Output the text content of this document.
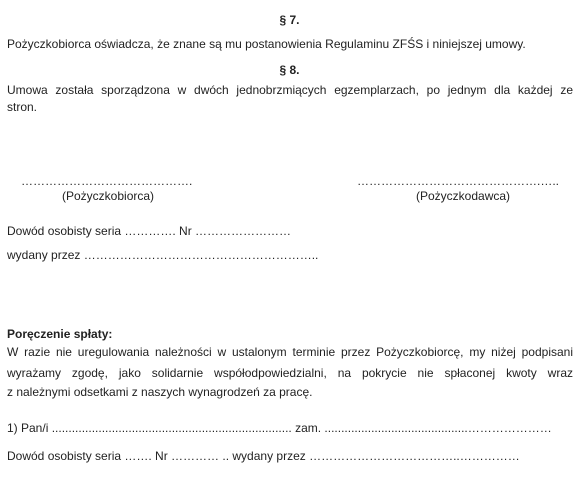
§ 7.
Pożyczkobiorca oświadcza, że znane są mu postanowienia Regulaminu ZFŚS i niniejszej umowy.
§ 8.
Umowa została sporządzona w dwóch jednobrzmiących egzemplarzach, po jednym dla każdej ze
stron.
…………………………………….
(Pożyczkobiorca)
……………………………………….…..
(Pożyczkodawca)
Dowód osobisty seria …………. Nr ……………………
wydany przez …………………………………………………..
Poręczenie spłaty:
W razie nie uregulowania należności w ustalonym terminie przez Pożyczkobiorcę, my niżej podpisani
wyrażamy zgodę, jako solidarnie współodpowiedzialni, na pokrycie nie spłaconej kwoty wraz
z należnymi odsetkami z naszych wynagrodzeń za pracę.
1) Pan/i ........................................................................ zam. ...........................................…………………
Dowód osobisty seria ……. Nr ………… .. wydany przez ………………………………..……………
